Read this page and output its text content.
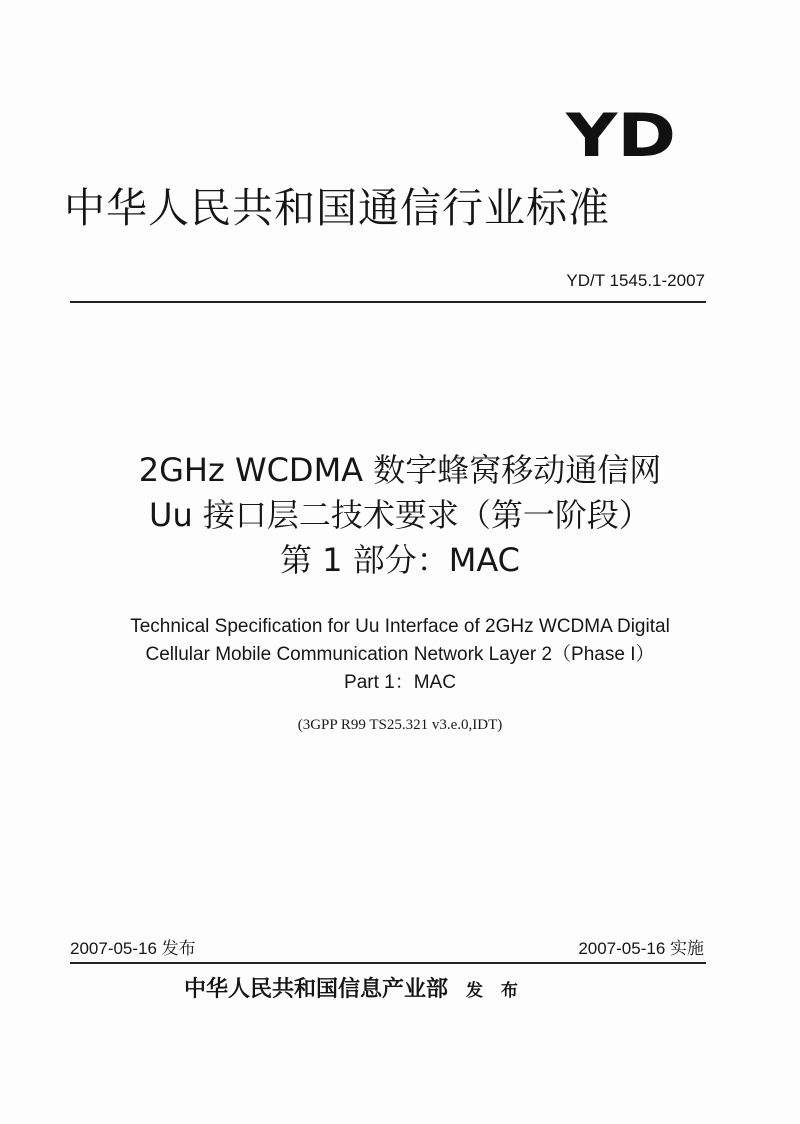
YD
中华人民共和国通信行业标准
YD/T 1545.1-2007
2GHz WCDMA 数字蜂窝移动通信网
Uu 接口层二技术要求（第一阶段）
第 1 部分：MAC
Technical Specification for Uu Interface of 2GHz WCDMA Digital
Cellular Mobile Communication Network Layer 2（Phase I）
Part 1：MAC
(3GPP R99 TS25.321 v3.e.0,IDT)
2007-05-16 发布	2007-05-16 实施
中华人民共和国信息产业部 发 布
